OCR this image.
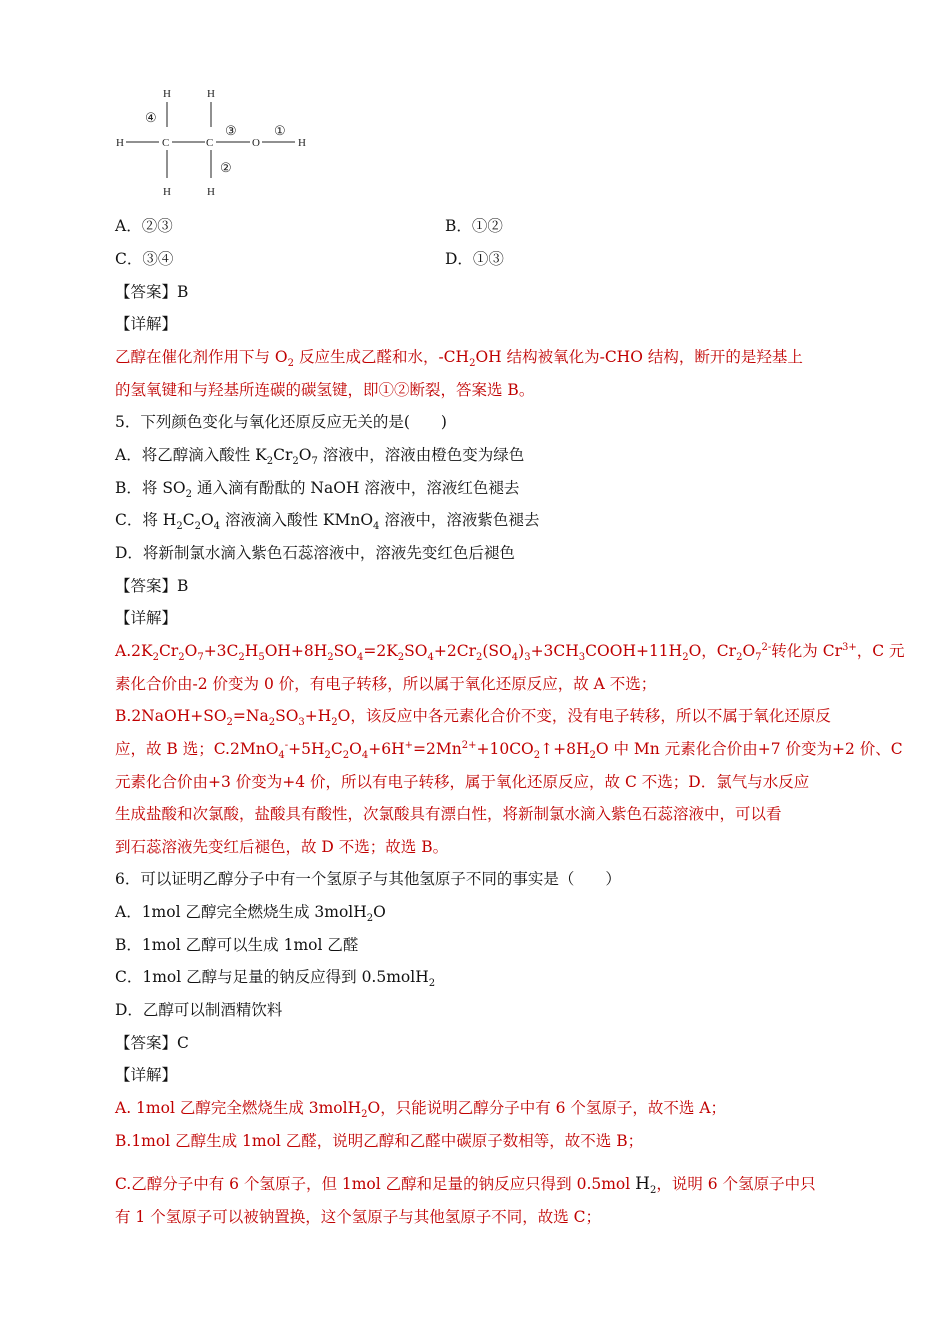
H	H
④
H	C	C
③
O
①
H
②
H	H
A．②③	B．①②
C．③④	D．①③
【答案】B
【详解】
乙醇在催化剂作用下与 $O_2$ 反应生成乙醛和水，$-CH_2OH$ 结构被氧化为-CHO 结构，断开的是羟基上
的氢氧键和与羟基所连碳的碳氢键，即①②断裂，答案选 B。
5．下列颜色变化与氧化还原反应无关的是(　　)
A．将乙醇滴入酸性 $K_2Cr_2O_7$ 溶液中，溶液由橙色变为绿色
B．将 $SO_2$ 通入滴有酚酞的 NaOH 溶液中，溶液红色褪去
C．将 $H_2C_2O_4$ 溶液滴入酸性 KMnO$_4$ 溶液中，溶液紫色褪去
D．将新制氯水滴入紫色石蕊溶液中，溶液先变红色后褪色
【答案】B
【详解】
$A.2K_2Cr_2O_7+3C_2H_5OH+8H_2SO_4=2K_2SO_4+2Cr_2(SO_4)_3+3CH_3COOH+11H_2O$，$Cr_2O_7^{2-}$转化为 $Cr^{3+}$，C 元
素化合价由-2 价变为 0 价，有电子转移，所以属于氧化还原反应，故 A 不选；
$B.2NaOH+SO_2=Na_2SO_3+H_2O$，该反应中各元素化合价不变，没有电子转移，所以不属于氧化还原反
应，故 B 选；$C.2MnO_4^-+5H_2C_2O_4+6H^+=2Mn^{2+}+10CO_2↑+8H_2O$ 中 Mn 元素化合价由+7 价变为+2 价、C
元素化合价由+3 价变为+4 价，所以有电子转移，属于氧化还原反应，故 C 不选；D．氯气与水反应
生成盐酸和次氯酸，盐酸具有酸性，次氯酸具有漂白性，将新制氯水滴入紫色石蕊溶液中，可以看
到石蕊溶液先变红后褪色，故 D 不选；故选 B。
6．可以证明乙醇分子中有一个氢原子与其他氢原子不同的事实是（　　）
A．1mol 乙醇完全燃烧生成 3molH$_2$O
B．1mol 乙醇可以生成 1mol 乙醛
C．1mol 乙醇与足量的钠反应得到 0.5molH$_2$
D．乙醇可以制酒精饮料
【答案】C
【详解】
A. 1mol 乙醇完全燃烧生成 3molH$_2$O，只能说明乙醇分子中有 6 个氢原子，故不选 A；
B.1mol 乙醇生成 1mol 乙醛，说明乙醇和乙醛中碳原子数相等，故不选 B；
C.乙醇分子中有 6 个氢原子，但 1mol 乙醇和足量的钠反应只得到 0.5mol $H_2$，说明 6 个氢原子中只
有 1 个氢原子可以被钠置换，这个氢原子与其他氢原子不同，故选 C；
